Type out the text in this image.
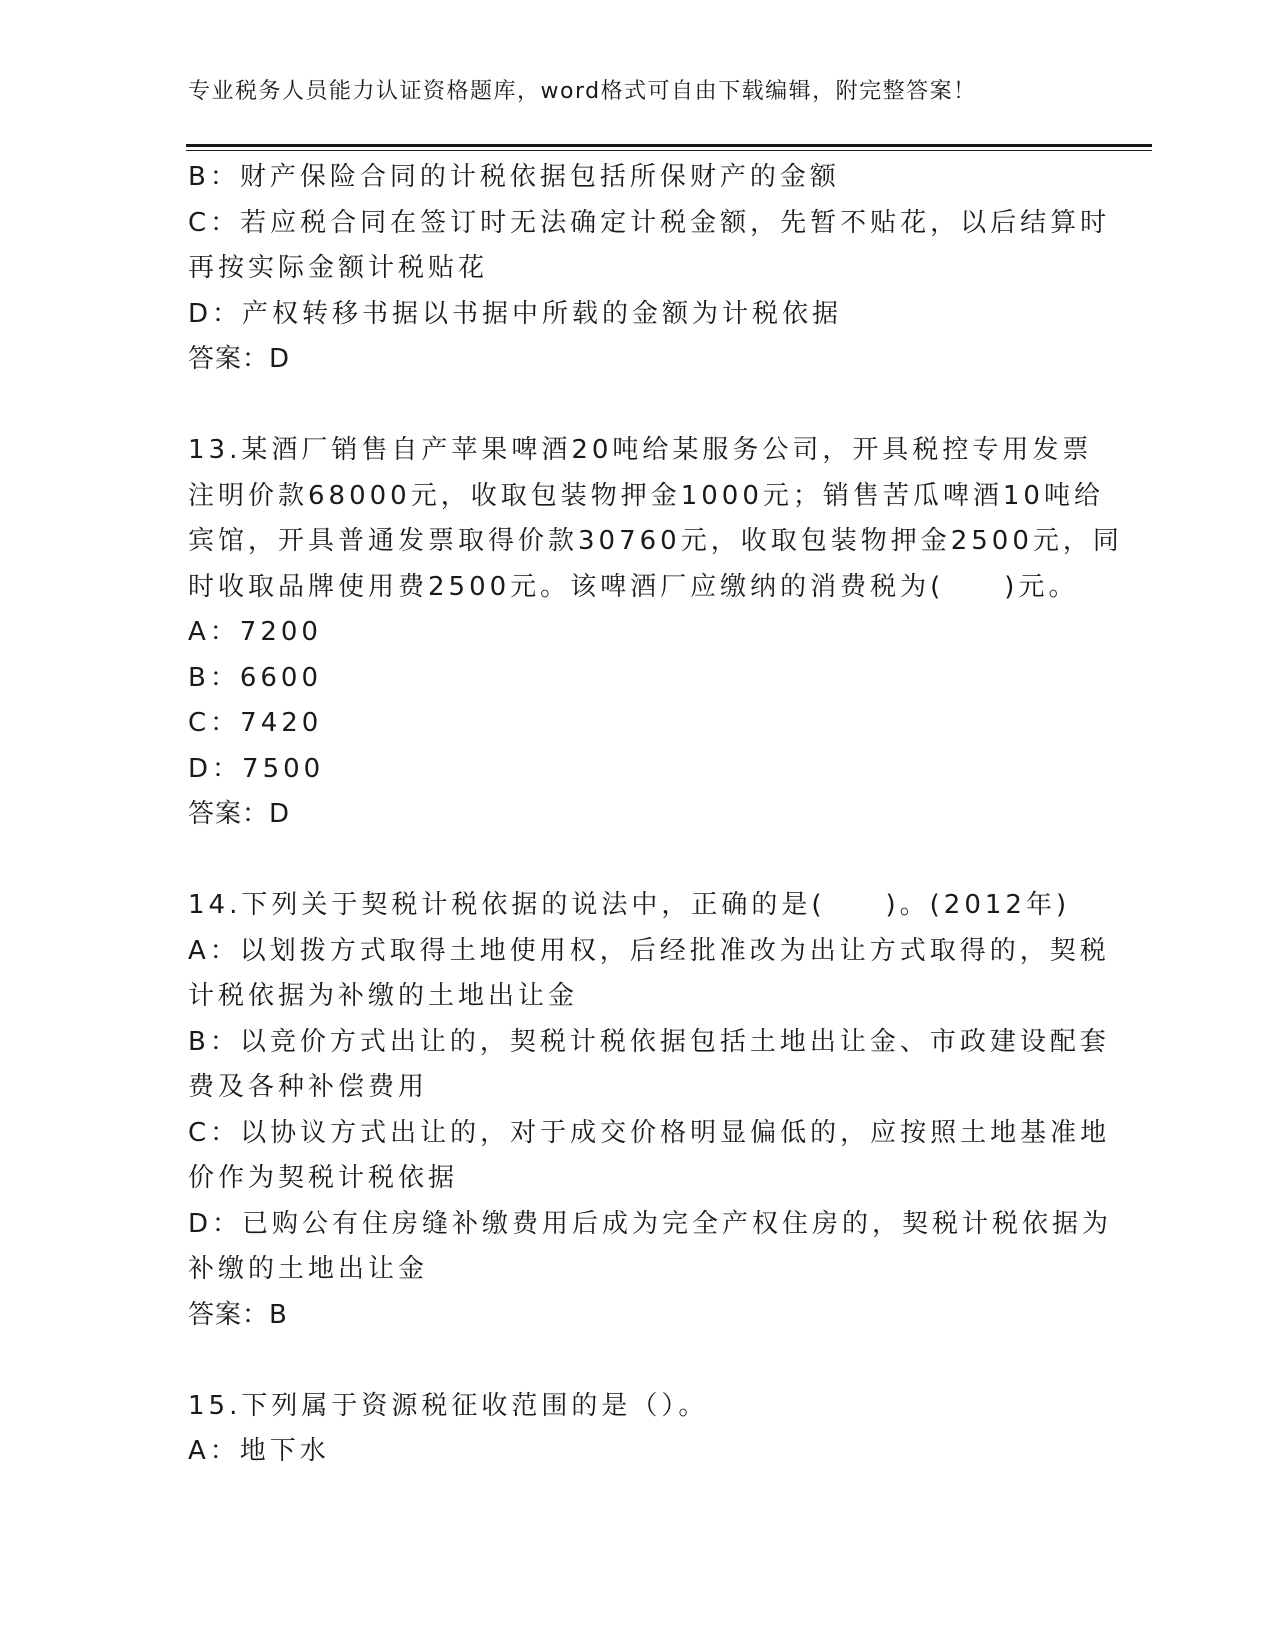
专业税务人员能力认证资格题库，word格式可自由下载编辑，附完整答案！
B：财产保险合同的计税依据包括所保财产的金额
C：若应税合同在签订时无法确定计税金额，先暂不贴花，以后结算时
再按实际金额计税贴花
D：产权转移书据以书据中所载的金额为计税依据
答案：D
13.某酒厂销售自产苹果啤酒20吨给某服务公司，开具税控专用发票
注明价款68000元，收取包装物押金1000元；销售苦瓜啤酒10吨给
宾馆，开具普通发票取得价款30760元，收取包装物押金2500元，同
时收取品牌使用费2500元。该啤酒厂应缴纳的消费税为(　　)元。
A：7200
B：6600
C：7420
D：7500
答案：D
14.下列关于契税计税依据的说法中，正确的是(　　)。(2012年)
A：以划拨方式取得土地使用权，后经批准改为出让方式取得的，契税
计税依据为补缴的土地出让金
B：以竞价方式出让的，契税计税依据包括土地出让金、市政建设配套
费及各种补偿费用
C：以协议方式出让的，对于成交价格明显偏低的，应按照土地基准地
价作为契税计税依据
D：已购公有住房缝补缴费用后成为完全产权住房的，契税计税依据为
补缴的土地出让金
答案：B
15.下列属于资源税征收范围的是（）。
A：地下水
